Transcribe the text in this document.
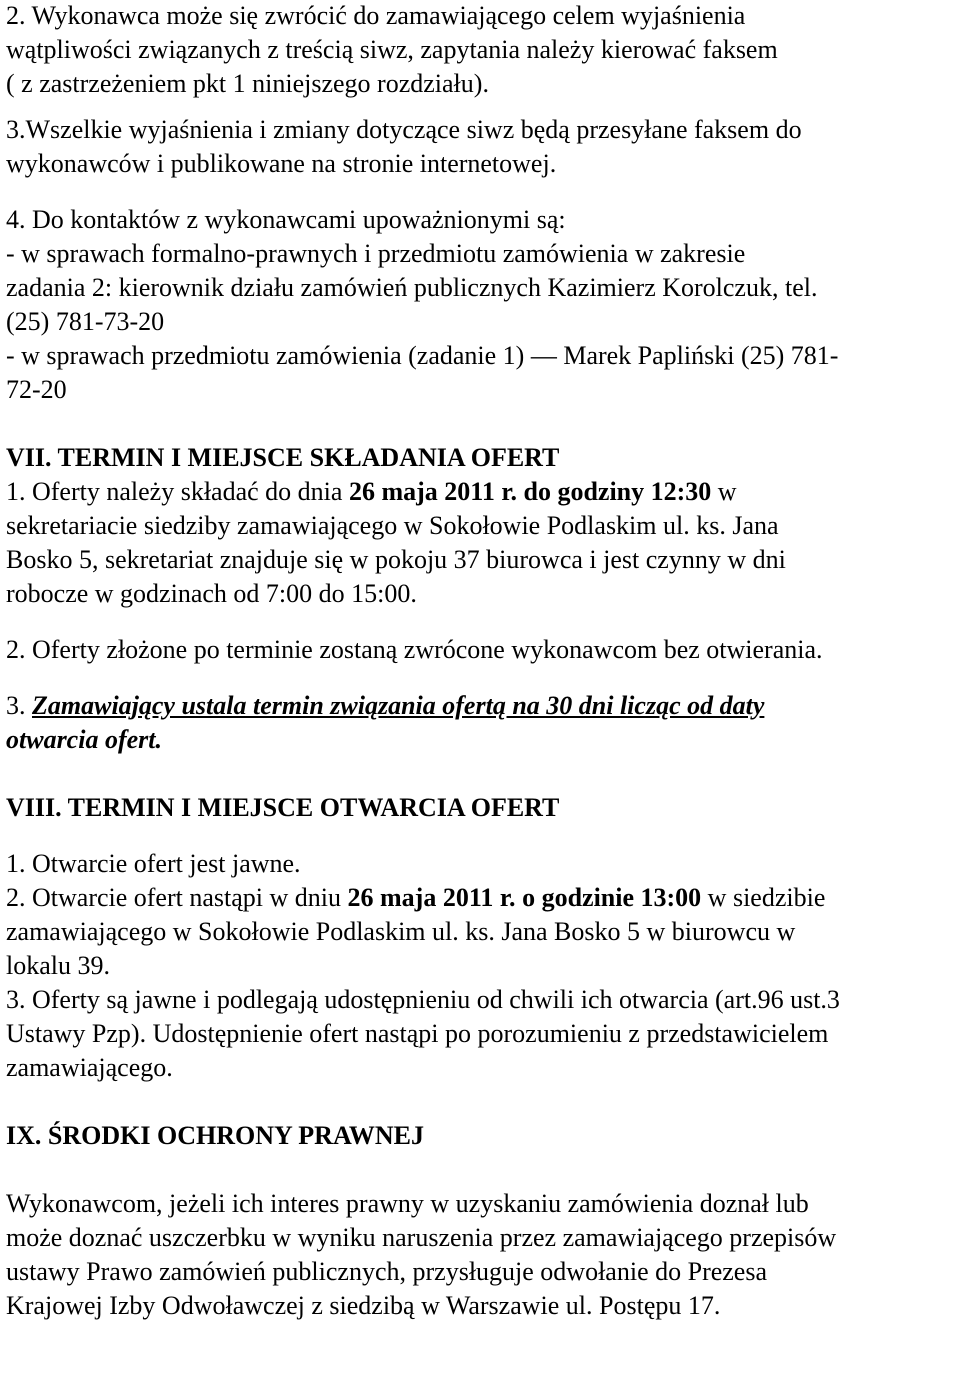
2. Wykonawca może się zwrócić do zamawiającego celem wyjaśnienia

wątpliwości związanych z treścią siwz, zapytania należy kierować faksem

( z zastrzeżeniem pkt 1 niniejszego rozdziału).

3.Wszelkie wyjaśnienia i zmiany dotyczące siwz będą przesyłane faksem do

wykonawców i publikowane na stronie internetowej.

4. Do kontaktów z wykonawcami upoważnionymi są:

- w sprawach formalno-prawnych i przedmiotu zamówienia w zakresie

zadania 2: kierownik działu zamówień publicznych Kazimierz Korolczuk, tel.

(25) 781-73-20

- w sprawach przedmiotu zamówienia (zadanie 1) — Marek Papliński (25) 781-

72-20

VII. TERMIN I MIEJSCE SKŁADANIA OFERT

1. Oferty należy składać do dnia 26 maja 2011 r. do godziny 12:30 w

sekretariacie siedziby zamawiającego w Sokołowie Podlaskim ul. ks. Jana

Bosko 5, sekretariat znajduje się w pokoju 37 biurowca i jest czynny w dni

robocze w godzinach od 7:00 do 15:00.

2. Oferty złożone po terminie zostaną zwrócone wykonawcom bez otwierania.

3. Zamawiający ustala termin związania ofertą na 30 dni licząc od daty

otwarcia ofert.

VIII. TERMIN I MIEJSCE OTWARCIA OFERT

1. Otwarcie ofert jest jawne.

2. Otwarcie ofert nastąpi w dniu 26 maja 2011 r. o godzinie 13:00 w siedzibie

zamawiającego w Sokołowie Podlaskim ul. ks. Jana Bosko 5 w biurowcu w

lokalu 39.

3. Oferty są jawne i podlegają udostępnieniu od chwili ich otwarcia (art.96 ust.3

Ustawy Pzp). Udostępnienie ofert nastąpi po porozumieniu z przedstawicielem

zamawiającego.

IX. ŚRODKI OCHRONY PRAWNEJ

Wykonawcom, jeżeli ich interes prawny w uzyskaniu zamówienia doznał lub

może doznać uszczerbku w wyniku naruszenia przez zamawiającego przepisów

ustawy Prawo zamówień publicznych, przysługuje odwołanie do Prezesa

Krajowej Izby Odwoławczej z siedzibą w Warszawie ul. Postępu 17.
